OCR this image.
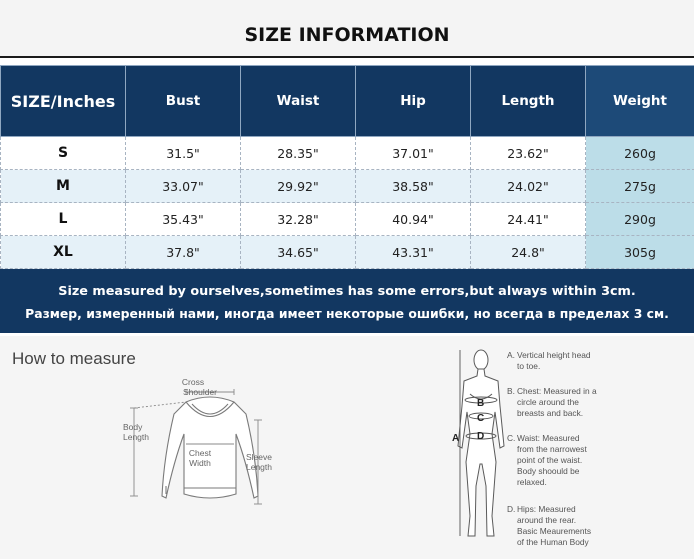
SIZE INFORMATION
SIZE/Inches	Bust	Waist	Hip	Length	Weight
S	31.5"	28.35"	37.01"	23.62"	260g
M	33.07"	29.92"	38.58"	24.02"	275g
L	35.43"	32.28"	40.94"	24.41"	290g
XL	37.8"	34.65"	43.31"	24.8"	305g

Size measured by ourselves,sometimes has some errors,but always within 3cm.

Размер, измеренный нами, иногда имеет некоторые ошибки, но всегда в пределах 3 см.

How to measure
Cross
Shoulder
Body
Length
Chest
Width
Sleeve
Length
A
B
C
D
A. Vertical height head
to toe.
B. Chest: Measured in a
circle around the
breasts and back.
C. Waist: Measured
from the narrowest
point of the waist.
Body shoould be
relaxed.
D. Hips: Measured
around the rear.
Basic Meaurements
of the Human Body
